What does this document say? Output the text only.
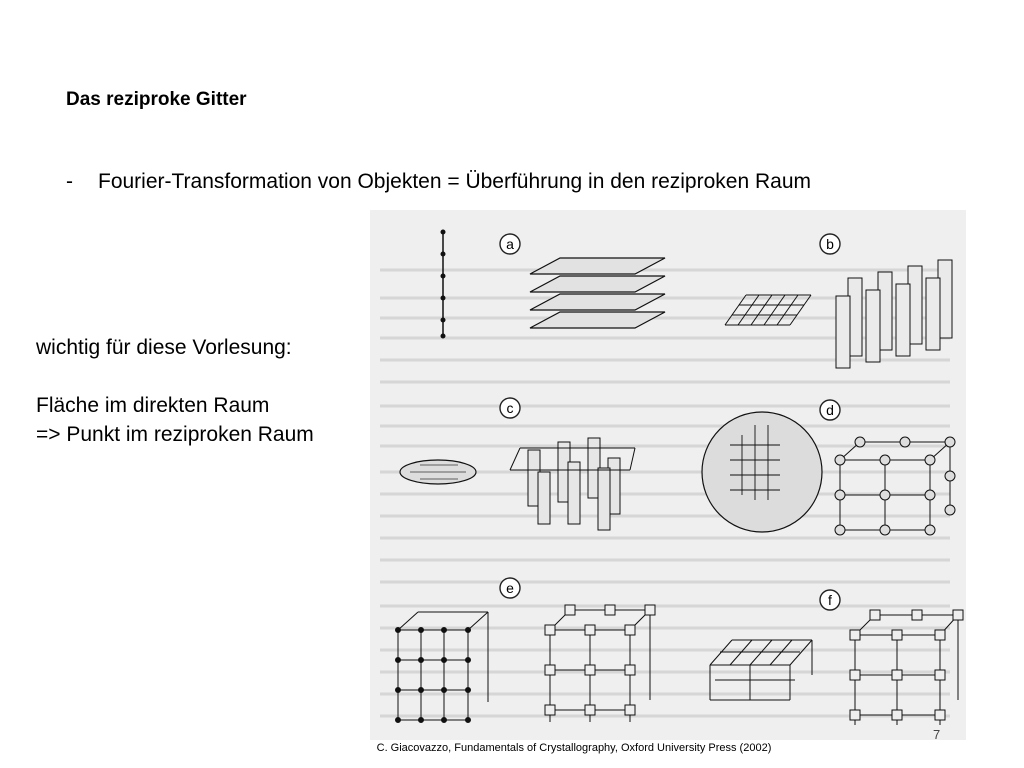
Das reziproke Gitter
- Fourier-Transformation von Objekten = Überführung in den reziproken Raum
wichtig für diese Vorlesung:
Fläche im direkten Raum
=> Punkt im reziproken Raum
a	b
c	d
e
f
7
C. Giacovazzo, Fundamentals of Crystallography, Oxford University Press (2002)
